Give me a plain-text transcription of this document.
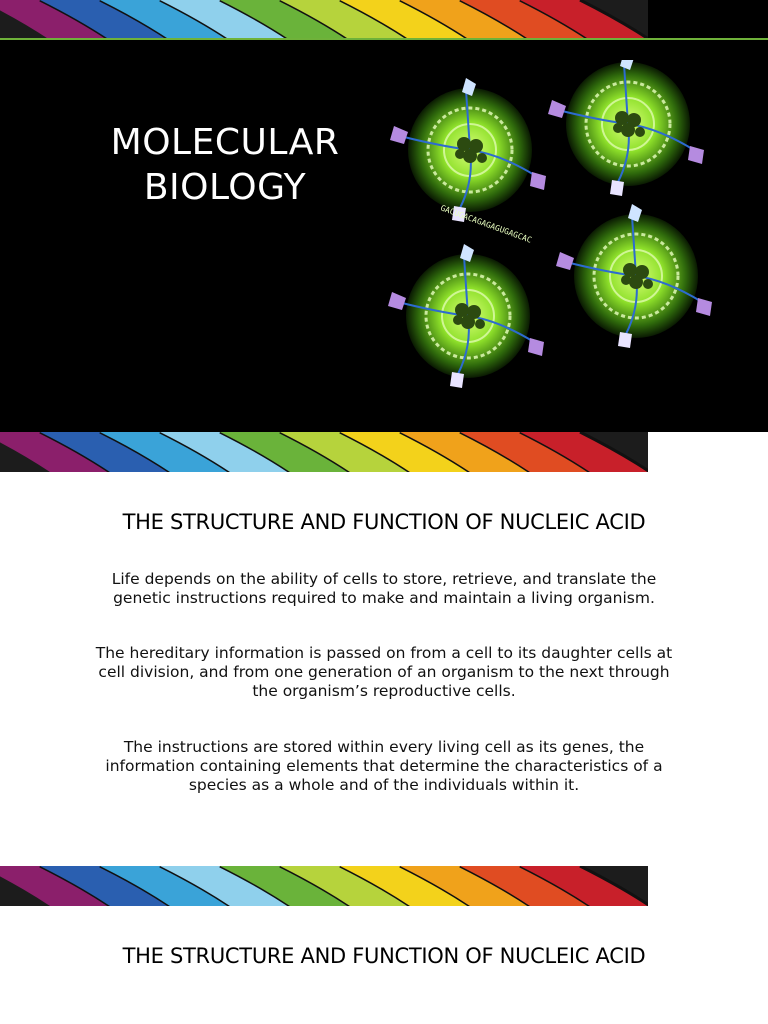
MOLECULAR BIOLOGY
GACUGACAGAGAGUGAGCAC
THE STRUCTURE AND FUNCTION OF NUCLEIC ACID
Life depends on the ability of cells to store, retrieve, and translate the genetic instructions required to make and maintain a living organism.
The hereditary information is passed on from a cell to its daughter cells at cell division, and from one generation of an organism to the next through the organism’s reproductive cells.
The instructions are stored within every living cell as its genes, the information containing elements that determine the characteristics of a species as a whole and of the individuals within it.
THE STRUCTURE AND FUNCTION OF NUCLEIC ACID
